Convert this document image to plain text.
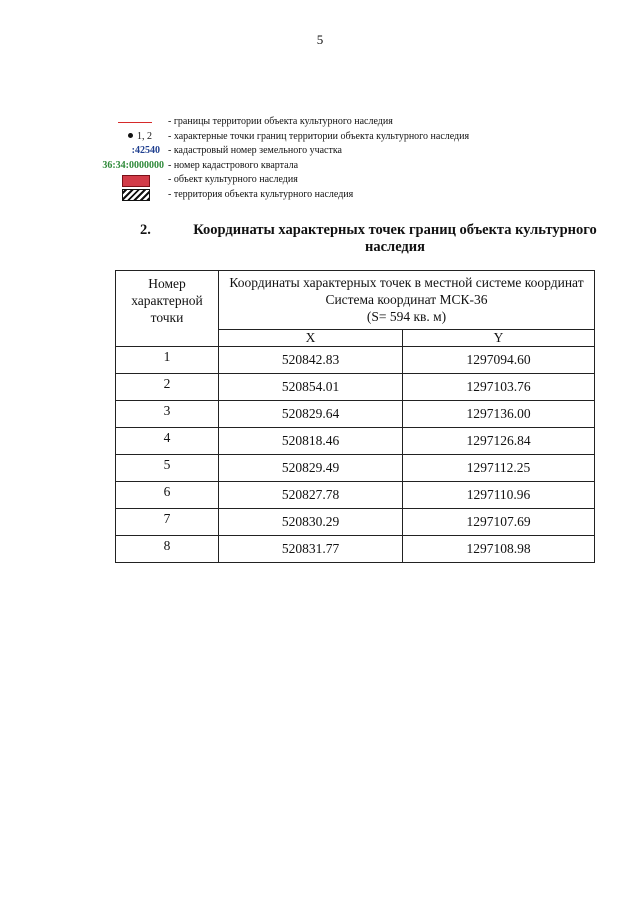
5
- границы территории объекта культурного наследия
1, 2 - характерные точки границ территории объекта культурного наследия
:42540 - кадастровый номер земельного участка
36:34:0000000 - номер кадастрового квартала
- объект культурного наследия
- территория объекта культурного наследия
2.	Координаты характерных точек границ объекта культурного наследия
Номер характерной точки	Координаты характерных точек в местной системе координат
Система координат МСК-36
(S= 594 кв. м)	

	X	Y
1	520842.83	1297094.60
2	520854.01	1297103.76
3	520829.64	1297136.00
4	520818.46	1297126.84
5	520829.49	1297112.25
6	520827.78	1297110.96
7	520830.29	1297107.69
8	520831.77	1297108.98
